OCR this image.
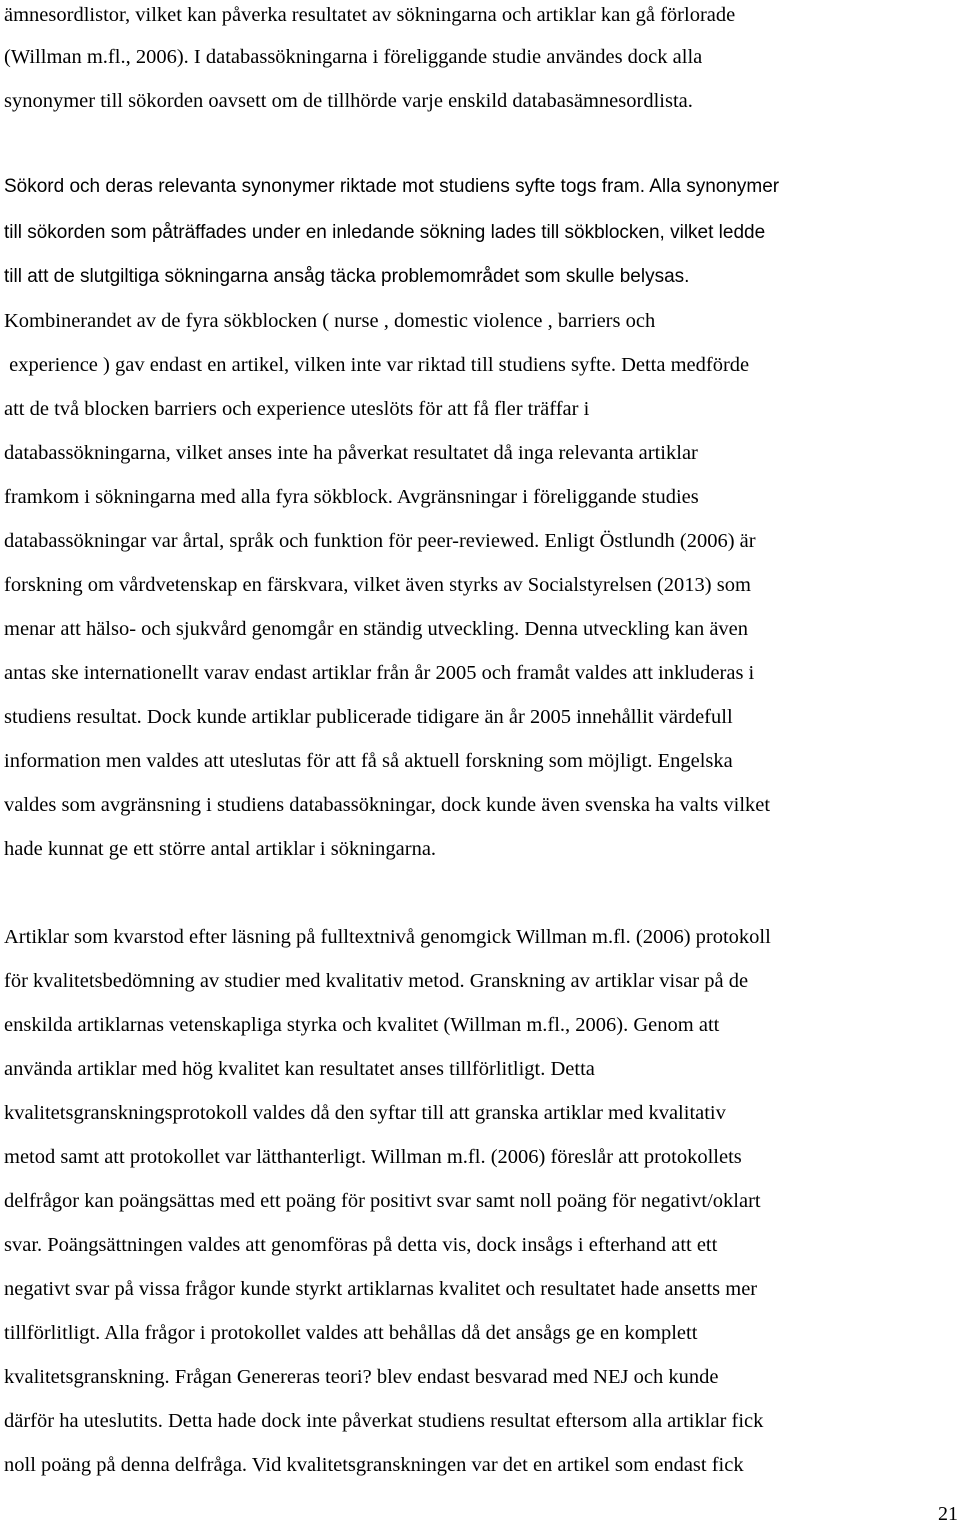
ämnesordlistor, vilket kan påverka resultatet av sökningarna och artiklar kan gå förlorade
(Willman m.fl., 2006). I databassökningarna i föreliggande studie användes dock alla
synonymer till sökorden oavsett om de tillhörde varje enskild databasämnesordlista.
Sökord och deras relevanta synonymer riktade mot studiens syfte togs fram. Alla synonymer
till sökorden som påträffades under en inledande sökning lades till sökblocken, vilket ledde
till att de slutgiltiga sökningarna ansåg täcka problemområdet som skulle belysas.
Kombinerandet av de fyra sökblocken ( nurse , domestic violence , barriers och
experience ) gav endast en artikel, vilken inte var riktad till studiens syfte. Detta medförde
att de två blocken barriers och experience uteslöts för att få fler träffar i
databassökningarna, vilket anses inte ha påverkat resultatet då inga relevanta artiklar
framkom i sökningarna med alla fyra sökblock. Avgränsningar i föreliggande studies
databassökningar var årtal, språk och funktion för peer-reviewed. Enligt Östlundh (2006) är
forskning om vårdvetenskap en färskvara, vilket även styrks av Socialstyrelsen (2013) som
menar att hälso- och sjukvård genomgår en ständig utveckling. Denna utveckling kan även
antas ske internationellt varav endast artiklar från år 2005 och framåt valdes att inkluderas i
studiens resultat. Dock kunde artiklar publicerade tidigare än år 2005 innehållit värdefull
information men valdes att uteslutas för att få så aktuell forskning som möjligt. Engelska
valdes som avgränsning i studiens databassökningar, dock kunde även svenska ha valts vilket
hade kunnat ge ett större antal artiklar i sökningarna.
Artiklar som kvarstod efter läsning på fulltextnivå genomgick Willman m.fl. (2006) protokoll
för kvalitetsbedömning av studier med kvalitativ metod. Granskning av artiklar visar på de
enskilda artiklarnas vetenskapliga styrka och kvalitet (Willman m.fl., 2006). Genom att
använda artiklar med hög kvalitet kan resultatet anses tillförlitligt. Detta
kvalitetsgranskningsprotokoll valdes då den syftar till att granska artiklar med kvalitativ
metod samt att protokollet var lätthanterligt. Willman m.fl. (2006) föreslår att protokollets
delfrågor kan poängsättas med ett poäng för positivt svar samt noll poäng för negativt/oklart
svar. Poängsättningen valdes att genomföras på detta vis, dock insågs i efterhand att ett
negativt svar på vissa frågor kunde styrkt artiklarnas kvalitet och resultatet hade ansetts mer
tillförlitligt. Alla frågor i protokollet valdes att behållas då det ansågs ge en komplett
kvalitetsgranskning. Frågan Genereras teori? blev endast besvarad med NEJ och kunde
därför ha uteslutits. Detta hade dock inte påverkat studiens resultat eftersom alla artiklar fick
noll poäng på denna delfråga. Vid kvalitetsgranskningen var det en artikel som endast fick
21
